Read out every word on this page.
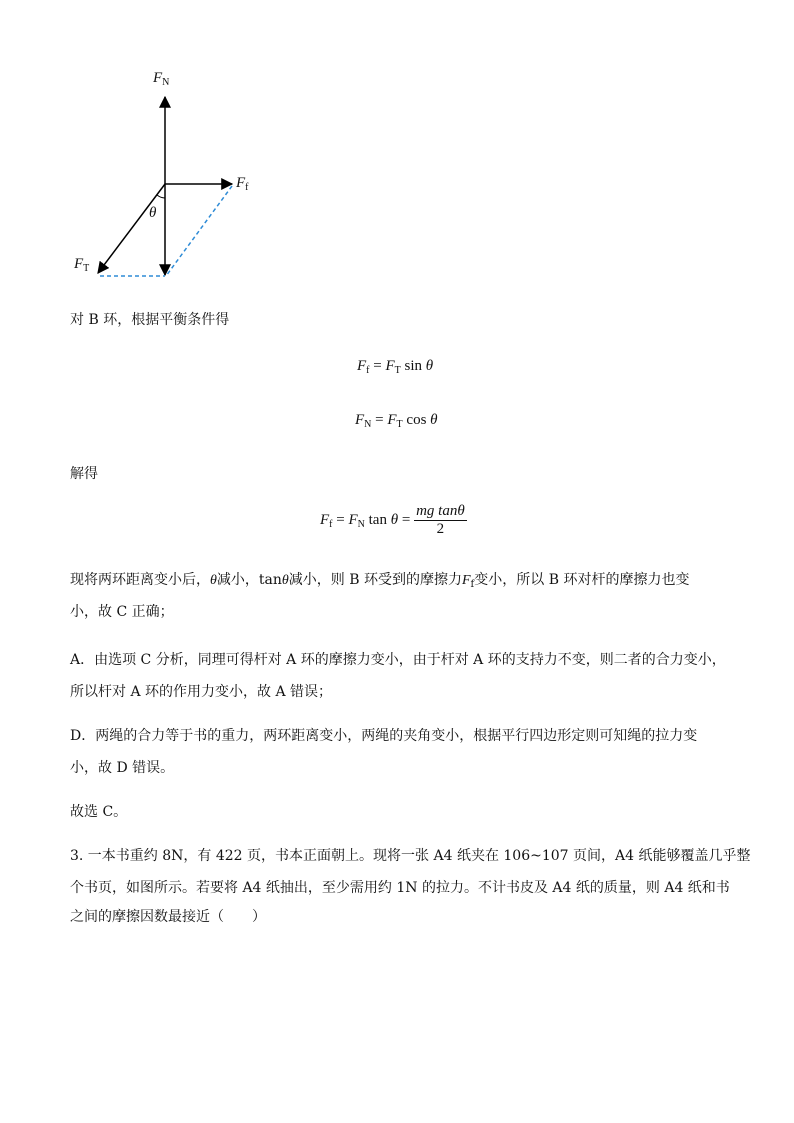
$F_N$
$F_f$
$F_T$
θ
对 B 环，根据平衡条件得
$F_f = F_T$ sin θ
$F_N = F_T$ cos θ
解得
$F_f = F_N$ $\tan \theta = \frac{\text{mg tanθ}}{2}$
现将两环距离变小后，θ减小，tanθ减小，则 B 环受到的摩擦力$F_f$变小，所以 B 环对杆的摩擦力也变
小，故 C 正确；
A．由选项 C 分析，同理可得杆对 A 环的摩擦力变小，由于杆对 A 环的支持力不变，则二者的合力变小，
所以杆对 A 环的作用力变小，故 A 错误；
D．两绳的合力等于书的重力，两环距离变小，两绳的夹角变小，根据平行四边形定则可知绳的拉力变
小，故 D 错误。
故选 C。
3. 一本书重约 8N，有 422 页，书本正面朝上。现将一张 A4 纸夹在 106~107 页间，A4 纸能够覆盖几乎整
个书页，如图所示。若要将 A4 纸抽出，至少需用约 1N 的拉力。不计书皮及 A4 纸的质量，则 A4 纸和书
之间的摩擦因数最接近（　　）
